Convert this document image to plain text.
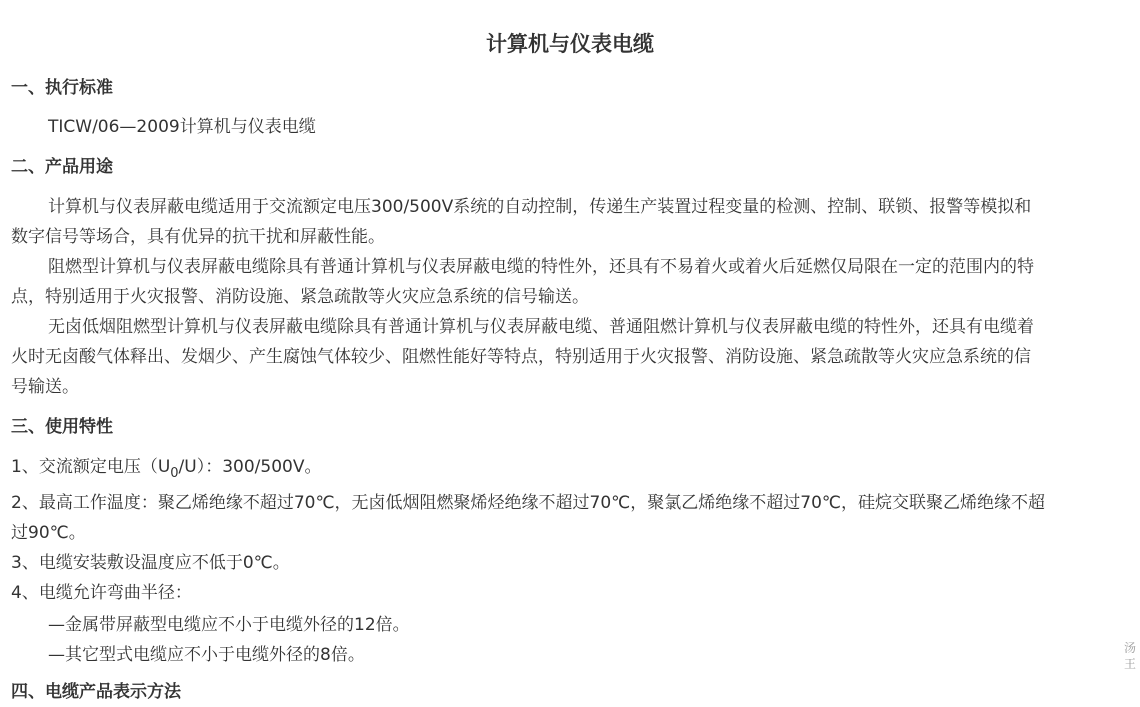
计算机与仪表电缆
一、执行标准
TICW/06—2009计算机与仪表电缆
二、产品用途
计算机与仪表屏蔽电缆适用于交流额定电压300/500V系统的自动控制，传递生产装置过程变量的检测、控制、联锁、报警等模拟和
数字信号等场合，具有优异的抗干扰和屏蔽性能。
阻燃型计算机与仪表屏蔽电缆除具有普通计算机与仪表屏蔽电缆的特性外，还具有不易着火或着火后延燃仅局限在一定的范围内的特
点，特别适用于火灾报警、消防设施、紧急疏散等火灾应急系统的信号输送。
无卤低烟阻燃型计算机与仪表屏蔽电缆除具有普通计算机与仪表屏蔽电缆、普通阻燃计算机与仪表屏蔽电缆的特性外，还具有电缆着
火时无卤酸气体释出、发烟少、产生腐蚀气体较少、阻燃性能好等特点，特别适用于火灾报警、消防设施、紧急疏散等火灾应急系统的信
号输送。
三、使用特性
1、交流额定电压$(U_0/U)$：300/500V。
2、最高工作温度：聚乙烯绝缘不超过70℃，无卤低烟阻燃聚烯烃绝缘不超过70℃，聚氯乙烯绝缘不超过70℃，硅烷交联聚乙烯绝缘不超
过90℃。
3、电缆安装敷设温度应不低于0℃。
4、电缆允许弯曲半径：
—金属带屏蔽型电缆应不小于电缆外径的12倍。
—其它型式电缆应不小于电缆外径的8倍。
四、电缆产品表示方法
汤 王
